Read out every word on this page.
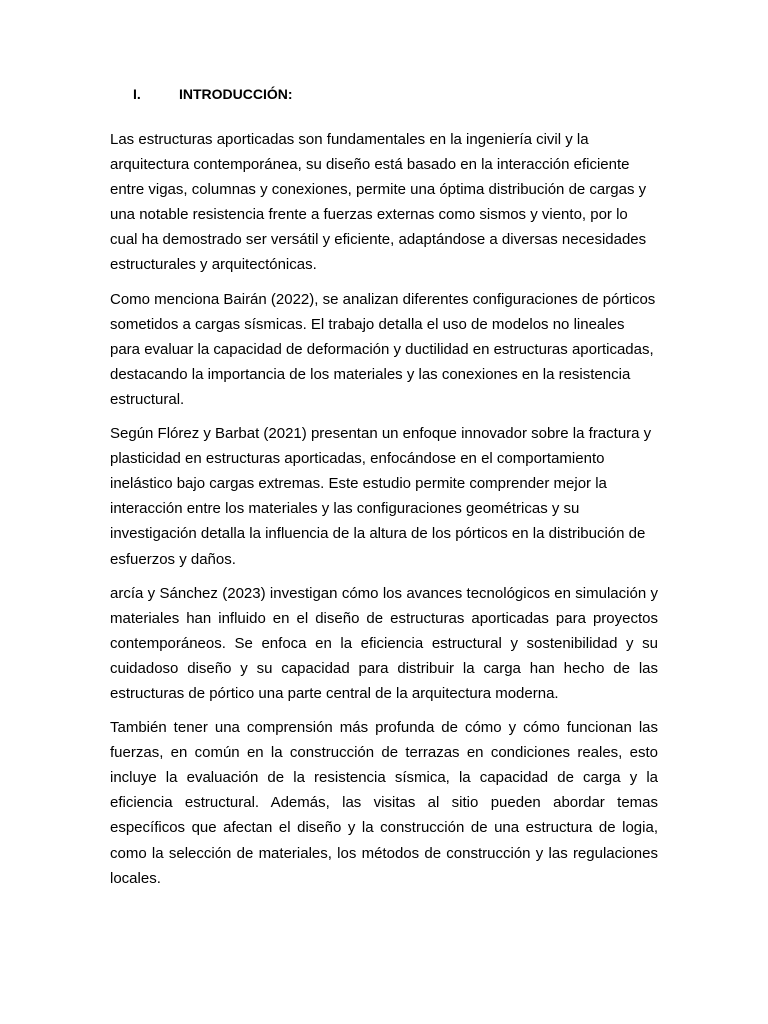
I.	INTRODUCCIÓN:

Las estructuras aporticadas son fundamentales en la ingeniería civil y la arquitectura contemporánea, su diseño está basado en la interacción eficiente entre vigas, columnas y conexiones, permite una óptima distribución de cargas y una notable resistencia frente a fuerzas externas como sismos y viento, por lo cual ha demostrado ser versátil y eficiente, adaptándose a diversas necesidades estructurales y arquitectónicas.

Como menciona Bairán (2022), se analizan diferentes configuraciones de pórticos sometidos a cargas sísmicas. El trabajo detalla el uso de modelos no lineales para evaluar la capacidad de deformación y ductilidad en estructuras aporticadas, destacando la importancia de los materiales y las conexiones en la resistencia estructural.

Según Flórez y Barbat (2021) presentan un enfoque innovador sobre la fractura y plasticidad en estructuras aporticadas, enfocándose en el comportamiento inelástico bajo cargas extremas. Este estudio permite comprender mejor la interacción entre los materiales y las configuraciones geométricas y su investigación detalla la influencia de la altura de los pórticos en la distribución de esfuerzos y daños.

arcía y Sánchez (2023) investigan cómo los avances tecnológicos en simulación y materiales han influido en el diseño de estructuras aporticadas para proyectos contemporáneos. Se enfoca en la eficiencia estructural y sostenibilidad y su cuidadoso diseño y su capacidad para distribuir la carga han hecho de las estructuras de pórtico una parte central de la arquitectura moderna.

También tener una comprensión más profunda de cómo y cómo funcionan las fuerzas, en común en la construcción de terrazas en condiciones reales, esto incluye la evaluación de la resistencia sísmica, la capacidad de carga y la eficiencia estructural. Además, las visitas al sitio pueden abordar temas específicos que afectan el diseño y la construcción de una estructura de logia, como la selección de materiales, los métodos de construcción y las regulaciones locales.
